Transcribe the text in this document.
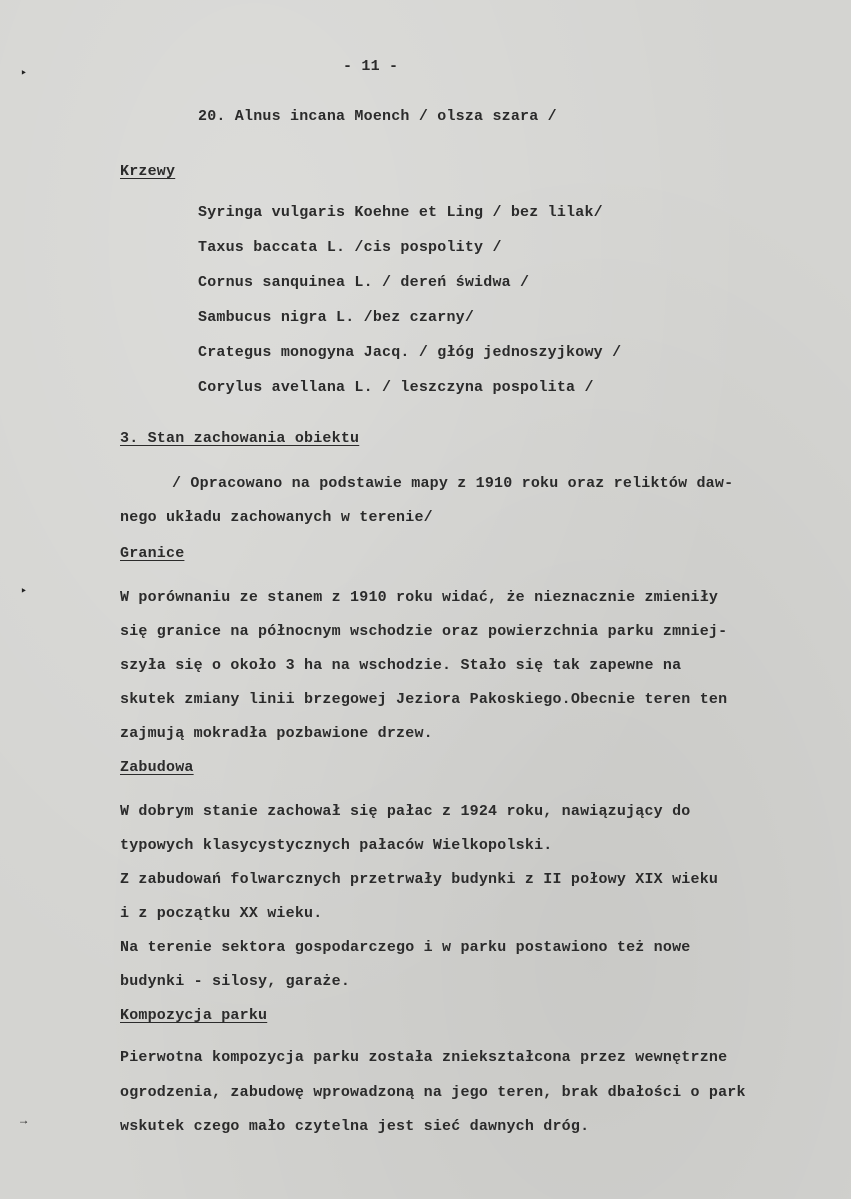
‣
‣
→
- 11 -
20. Alnus incana Moench / olsza szara /
Krzewy
Syringa vulgaris Koehne et Ling / bez lilak/
Taxus baccata L. /cis pospolity /
Cornus sanquinea L. / dereń świdwa /
Sambucus nigra L. /bez czarny/
Crategus monogyna Jacq. / głóg jednoszyjkowy /
Corylus avellana L. / leszczyna pospolita /
3. Stan zachowania obiektu
/ Opracowano na podstawie mapy z 1910 roku oraz reliktów daw-
nego układu zachowanych w terenie/
Granice
W porównaniu ze stanem z 1910 roku widać, że nieznacznie zmieniły
się granice na północnym wschodzie oraz powierzchnia parku zmniej-
szyła się o około 3 ha na wschodzie. Stało się tak zapewne na
skutek zmiany linii brzegowej Jeziora Pakoskiego.Obecnie teren ten
zajmują mokradła pozbawione drzew.
Zabudowa
W dobrym stanie zachował się pałac z 1924 roku, nawiązujący do
typowych klasycystycznych pałaców Wielkopolski.
Z zabudowań folwarcznych przetrwały budynki z II połowy XIX wieku
i z początku XX wieku.
Na terenie sektora gospodarczego i w parku postawiono też nowe
budynki - silosy, garaże.
Kompozycja parku
Pierwotna kompozycja parku została zniekształcona przez wewnętrzne
ogrodzenia, zabudowę wprowadzoną na jego teren, brak dbałości o park
wskutek czego mało czytelna jest sieć dawnych dróg.
